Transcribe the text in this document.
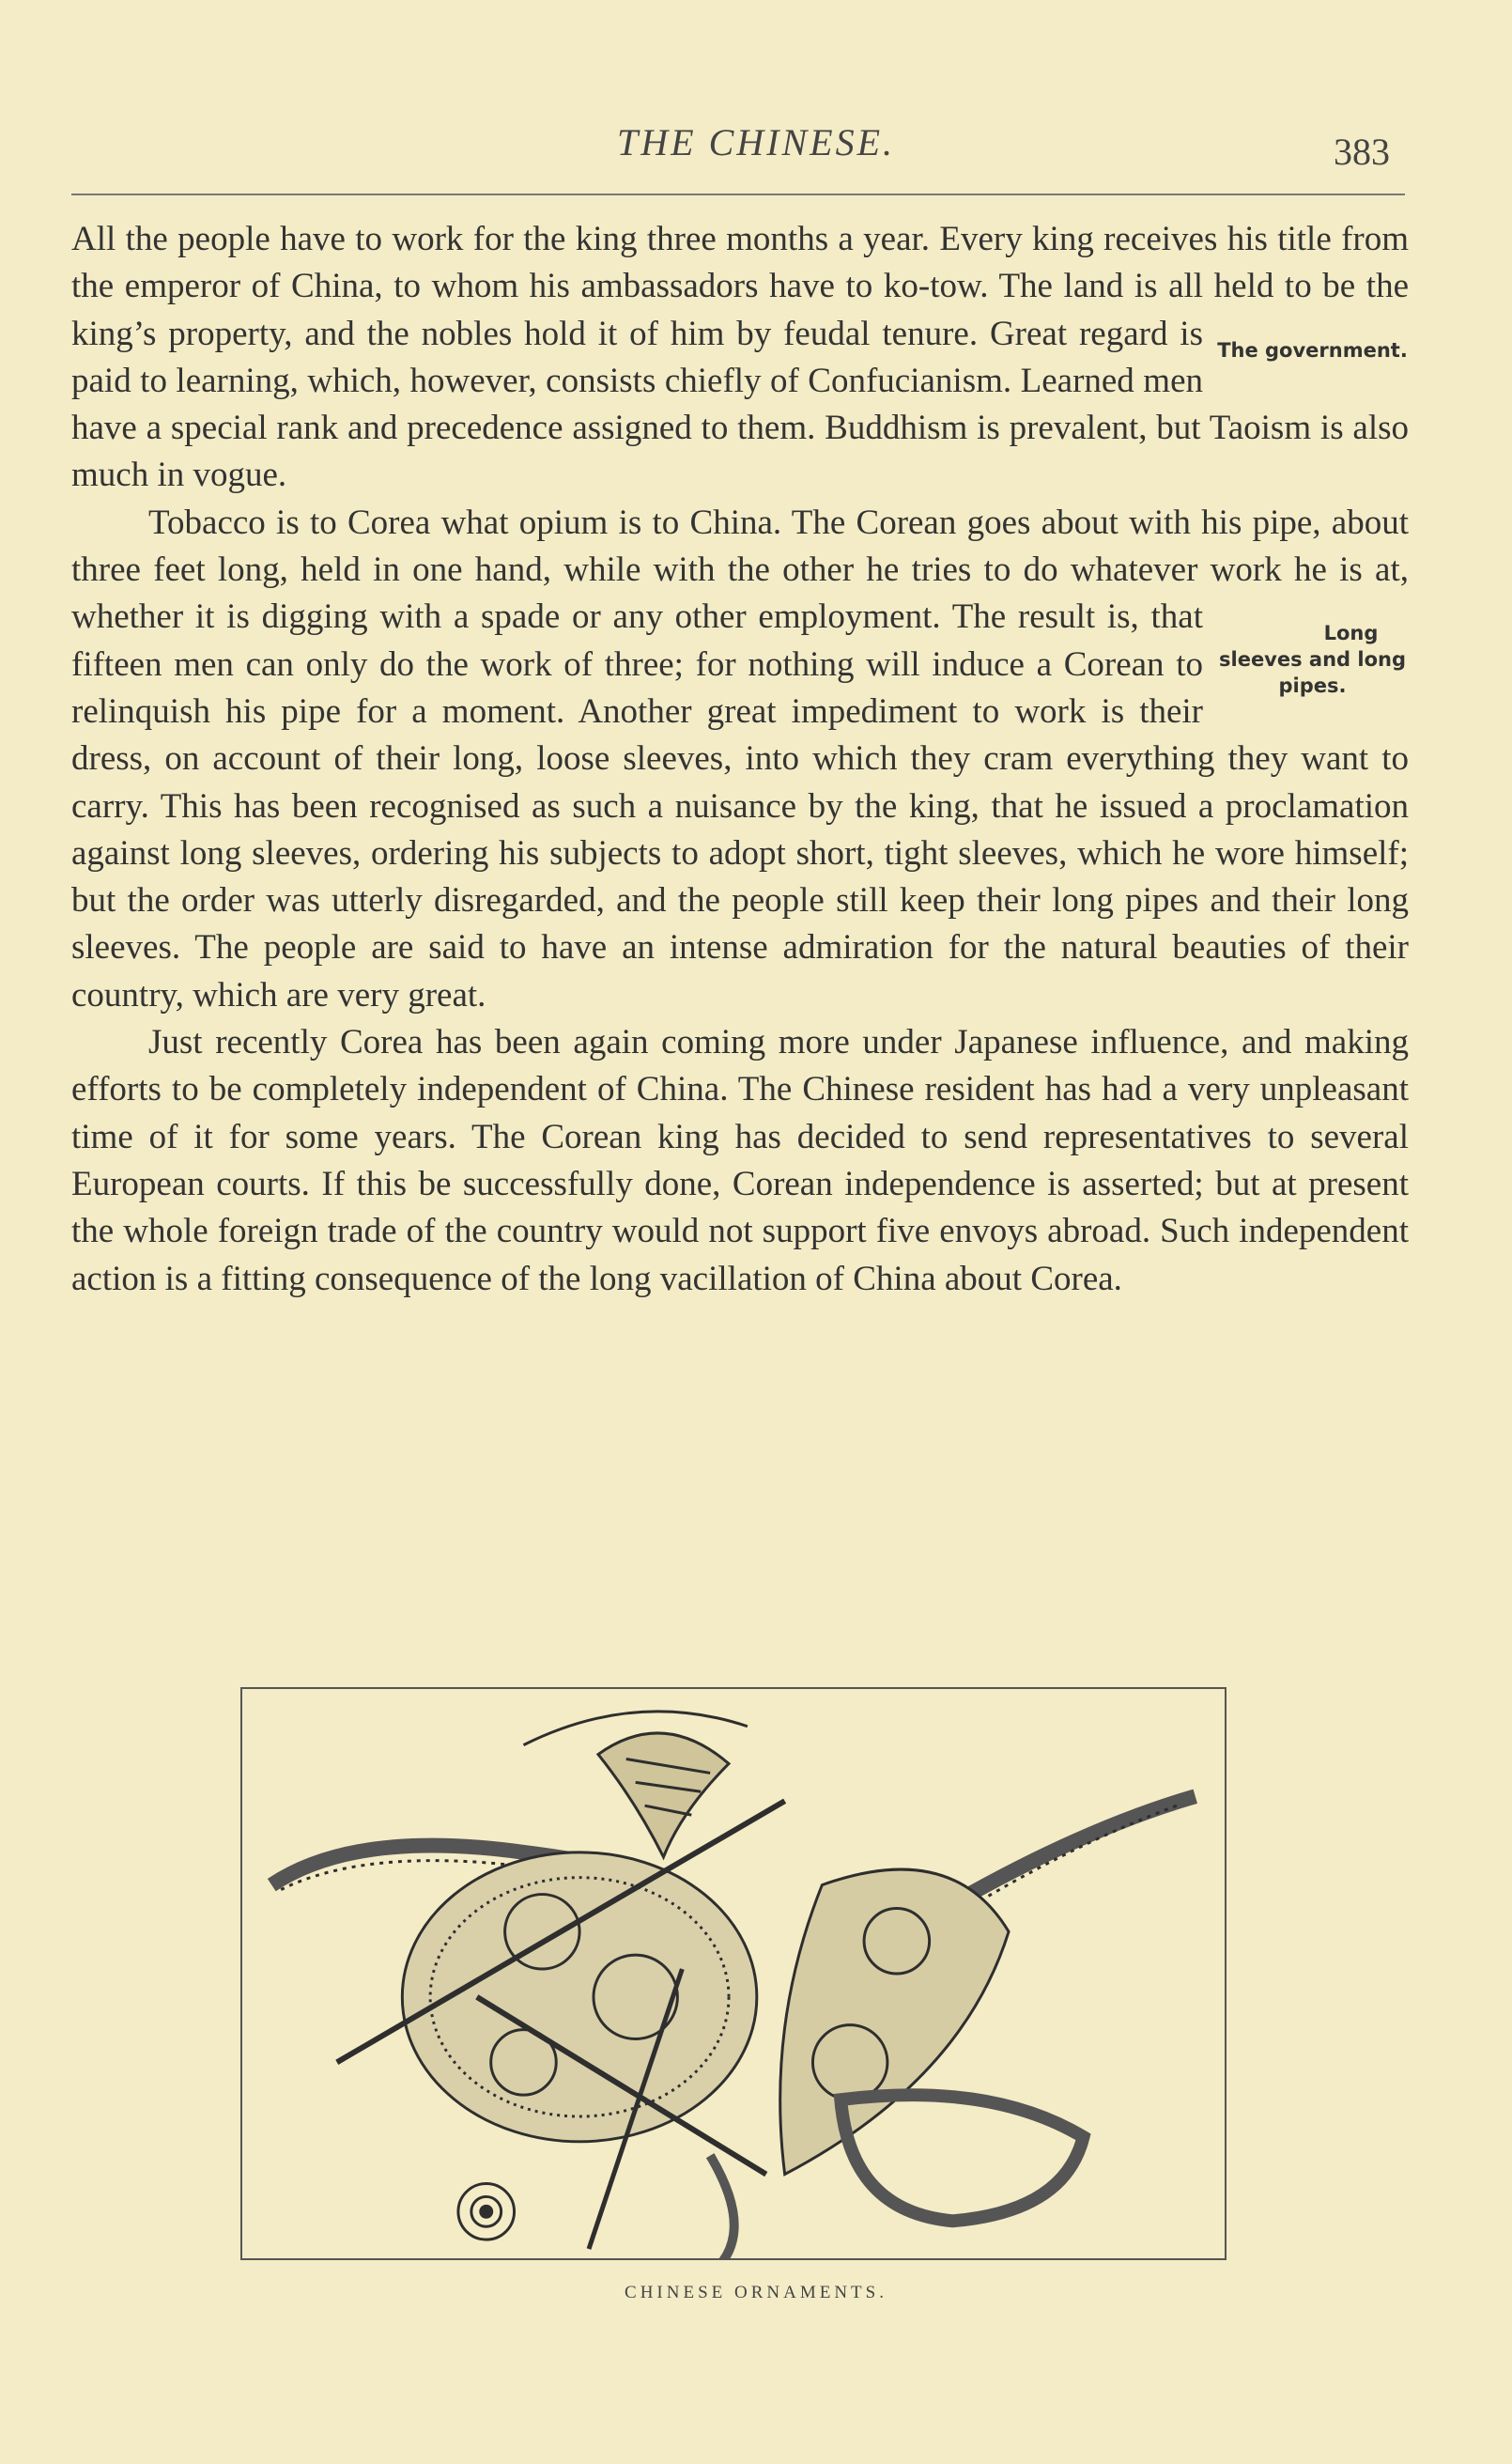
THE CHINESE.	383

All the people have to work for the king three months a year. Every king receives his title from the emperor of China, to whom his ambassadors have to ko-tow. The land is all held to be the king’s property, and the nobles hold it of him by feudal tenure.	The government.
Great regard is paid to learning, which, however, consists chiefly of Confucianism. Learned men have a special rank and precedence assigned to them. Buddhism is prevalent, but Taoism is also much in vogue.

Tobacco is to Corea what opium is to China. The Corean goes about with his pipe, about three feet long, held in one hand, while with the other he tries to do whatever work he is at,
Long sleeves and long pipes.
whether it is digging with a spade or any other employment. The result is, that fifteen men can only do the work of three; for nothing will induce a Corean to relinquish his pipe for a moment. Another great impediment to work is their dress, on account of their long, loose sleeves, into which they cram everything they want to carry. This has been recognised as such a nuisance by the king, that he issued a proclamation against long sleeves, ordering his subjects to adopt short, tight sleeves, which he wore himself; but the order was utterly disregarded, and the people still keep their long pipes and their long sleeves. The people are said to have an intense admiration for the natural beauties of their country, which are very great.

Just recently Corea has been again coming more under Japanese influence, and making efforts to be completely independent of China. The Chinese resident has had a very unpleasant time of it for some years. The Corean king has decided to send representatives to several European courts. If this be successfully done, Corean independence is asserted; but at present the whole foreign trade of the country would not support five envoys abroad. Such independent action is a fitting consequence of the long vacillation of China about Corea.

CHINESE ORNAMENTS.
